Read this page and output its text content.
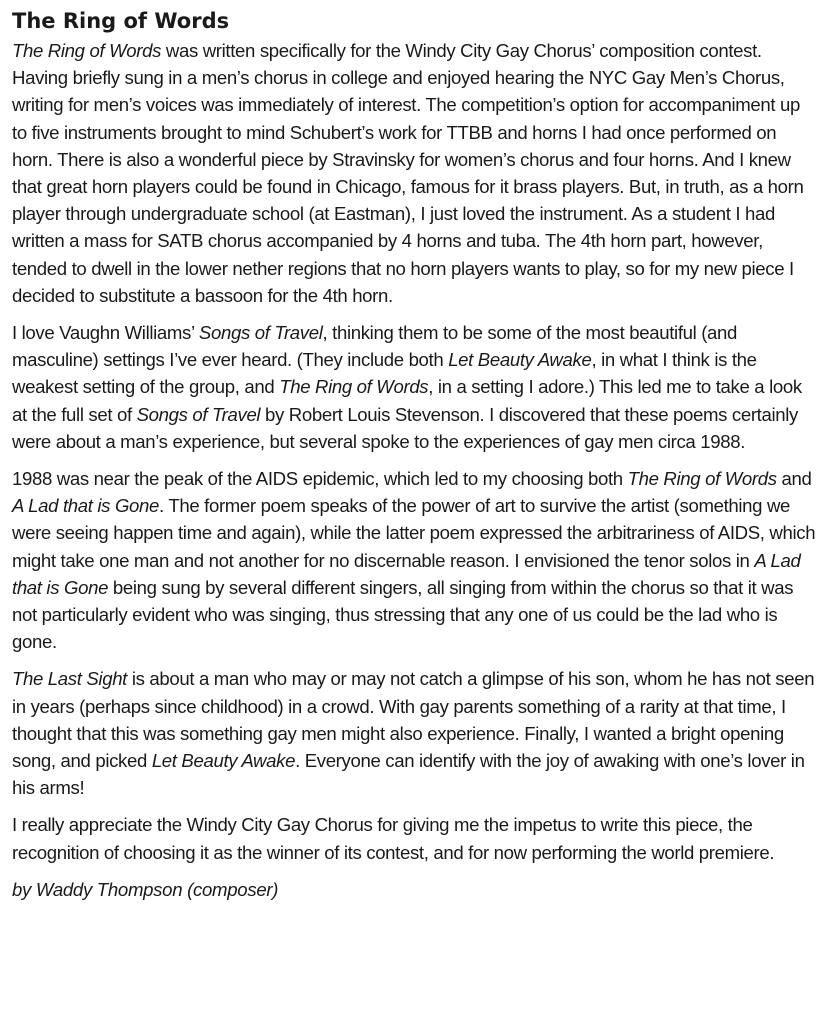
The Ring of Words

The Ring of Words was written specifically for the Windy City Gay Chorus’ composition contest. Having briefly sung in a men’s chorus in college and enjoyed hearing the NYC Gay Men’s Chorus, writing for men’s voices was immediately of interest. The competition’s option for accompaniment up to five instruments brought to mind Schubert’s work for TTBB and horns I had once performed on horn. There is also a wonderful piece by Stravinsky for women’s chorus and four horns. And I knew that great horn players could be found in Chicago, famous for it brass players. But, in truth, as a horn player through undergraduate school (at Eastman), I just loved the instrument. As a student I had written a mass for SATB chorus accompanied by 4 horns and tuba. The 4th horn part, however, tended to dwell in the lower nether regions that no horn players wants to play, so for my new piece I decided to substitute a bassoon for the 4th horn.

I love Vaughn Williams’ Songs of Travel, thinking them to be some of the most beautiful (and masculine) settings I’ve ever heard. (They include both Let Beauty Awake, in what I think is the weakest setting of the group, and The Ring of Words, in a setting I adore.) This led me to take a look at the full set of Songs of Travel by Robert Louis Stevenson. I discovered that these poems certainly were about a man’s experience, but several spoke to the experiences of gay men circa 1988.

1988 was near the peak of the AIDS epidemic, which led to my choosing both The Ring of Words and A Lad that is Gone. The former poem speaks of the power of art to survive the artist (something we were seeing happen time and again), while the latter poem expressed the arbitrariness of AIDS, which might take one man and not another for no discernable reason. I envisioned the tenor solos in A Lad that is Gone being sung by several different singers, all singing from within the chorus so that it was not particularly evident who was singing, thus stressing that any one of us could be the lad who is gone.

The Last Sight is about a man who may or may not catch a glimpse of his son, whom he has not seen in years (perhaps since childhood) in a crowd. With gay parents something of a rarity at that time, I thought that this was something gay men might also experience. Finally, I wanted a bright opening song, and picked Let Beauty Awake. Everyone can identify with the joy of awaking with one’s lover in his arms!

I really appreciate the Windy City Gay Chorus for giving me the impetus to write this piece, the recognition of choosing it as the winner of its contest, and for now performing the world premiere.

by Waddy Thompson (composer)
